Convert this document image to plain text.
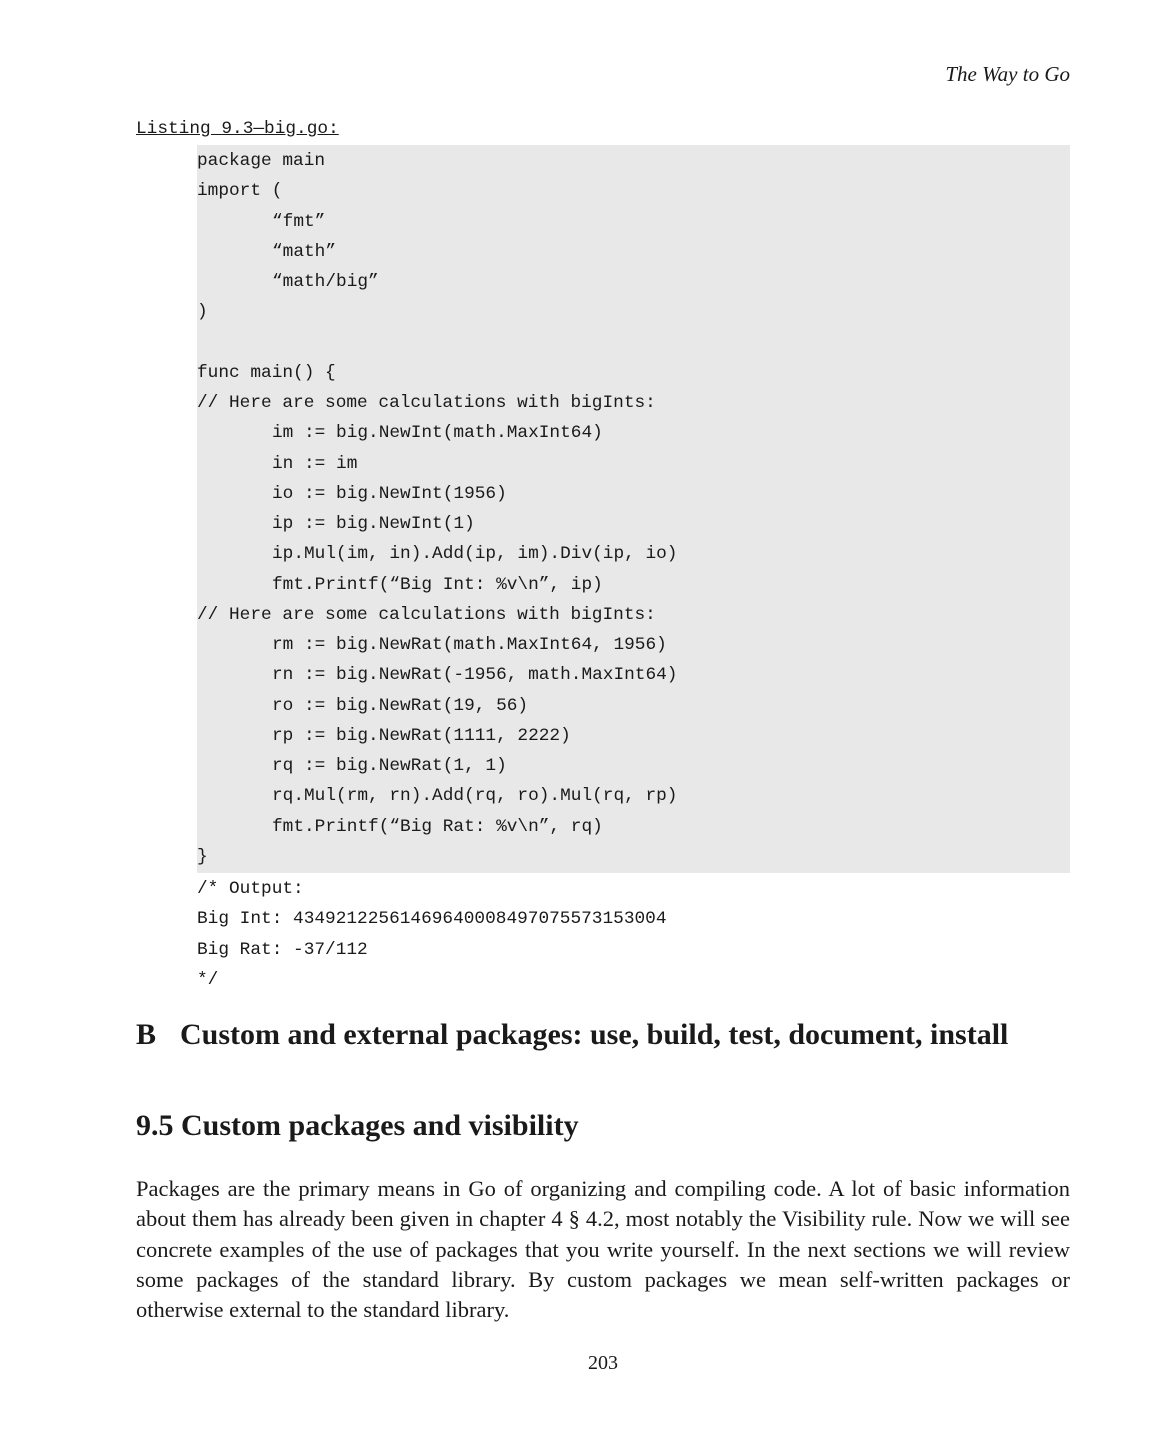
The Way to Go
Listing 9.3—big.go:
package main
import (
“fmt”
“math”
“math/big”
)
func main() {
// Here are some calculations with bigInts:
im := big.NewInt(math.MaxInt64)
in := im
io := big.NewInt(1956)
ip := big.NewInt(1)
ip.Mul(im, in).Add(ip, im).Div(ip, io)
fmt.Printf(“Big Int: %v\n”, ip)
// Here are some calculations with bigInts:
rm := big.NewRat(math.MaxInt64, 1956)
rn := big.NewRat(-1956, math.MaxInt64)
ro := big.NewRat(19, 56)
rp := big.NewRat(1111, 2222)
rq := big.NewRat(1, 1)
rq.Mul(rm, rn).Add(rq, ro).Mul(rq, rp)
fmt.Printf(“Big Rat: %v\n”, rq)
}
/* Output:
Big Int: 43492122561469640008497075573153004
Big Rat: -37/112
*/
B Custom and external packages: use, build, test, document, install
9.5 Custom packages and visibility

Packages are the primary means in Go of organizing and compiling code. A lot of basic information about them has already been given in chapter 4 § 4.2, most notably the Visibility rule. Now we will see concrete examples of the use of packages that you write yourself. In the next sections we will review some packages of the standard library. By custom packages we mean self-written packages or otherwise external to the standard library.

203
